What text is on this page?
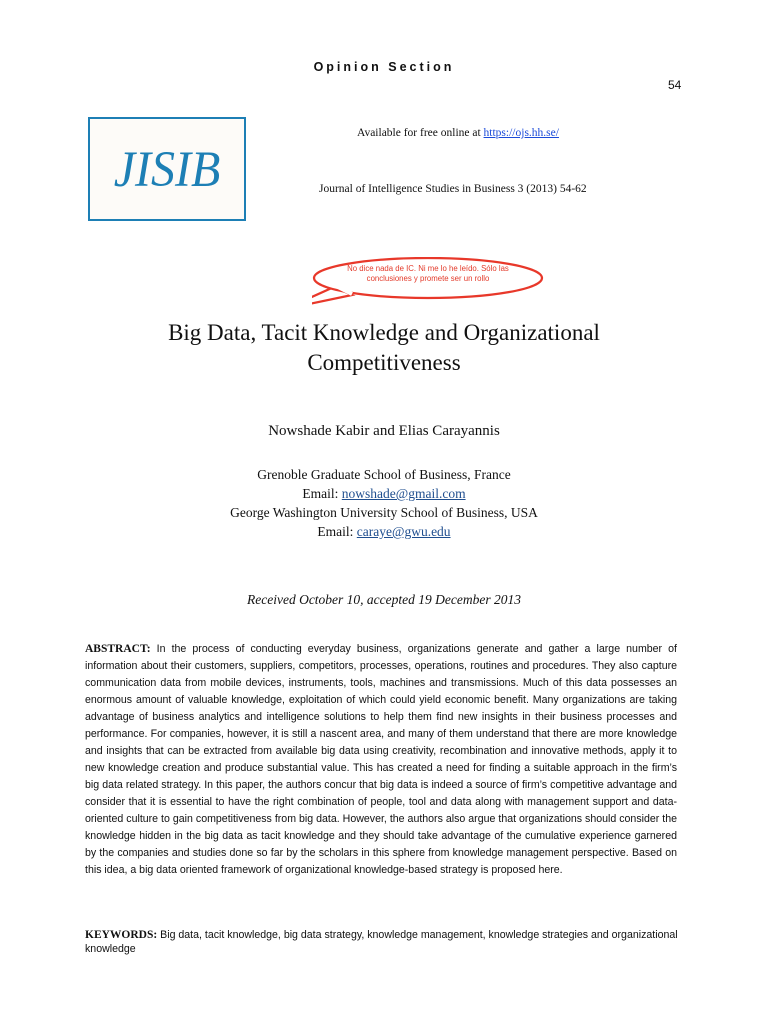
Opinion Section
54
JISIB
Available for free online at https://ojs.hh.se/
Journal of Intelligence Studies in Business 3 (2013) 54-62
No dice nada de IC. Ni me lo he leído. Sólo las
conclusiones y promete ser un rollo
Big Data, Tacit Knowledge and Organizational
Competitiveness
Nowshade Kabir and Elias Carayannis
Grenoble Graduate School of Business, France
Email: nowshade@gmail.com
George Washington University School of Business, USA
Email: caraye@gwu.edu
Received October 10, accepted 19 December 2013
ABSTRACT: In the process of conducting everyday business, organizations generate and gather a large number of information about their customers, suppliers, competitors, processes, operations, routines and procedures. They also capture communication data from mobile devices, instruments, tools, machines and transmissions. Much of this data possesses an enormous amount of valuable knowledge, exploitation of which could yield economic benefit. Many organizations are taking advantage of business analytics and intelligence solutions to help them find new insights in their business processes and performance. For companies, however, it is still a nascent area, and many of them understand that there are more knowledge and insights that can be extracted from available big data using creativity, recombination and innovative methods, apply it to new knowledge creation and produce substantial value. This has created a need for finding a suitable approach in the firm’s big data related strategy. In this paper, the authors concur that big data is indeed a source of firm’s competitive advantage and consider that it is essential to have the right combination of people, tool and data along with management support and data-oriented culture to gain competitiveness from big data. However, the authors also argue that organizations should consider the knowledge hidden in the big data as tacit knowledge and they should take advantage of the cumulative experience garnered by the companies and studies done so far by the scholars in this sphere from knowledge management perspective. Based on this idea, a big data oriented framework of organizational knowledge-based strategy is proposed here.
KEYWORDS: Big data, tacit knowledge, big data strategy, knowledge management, knowledge strategies and organizational knowledge
